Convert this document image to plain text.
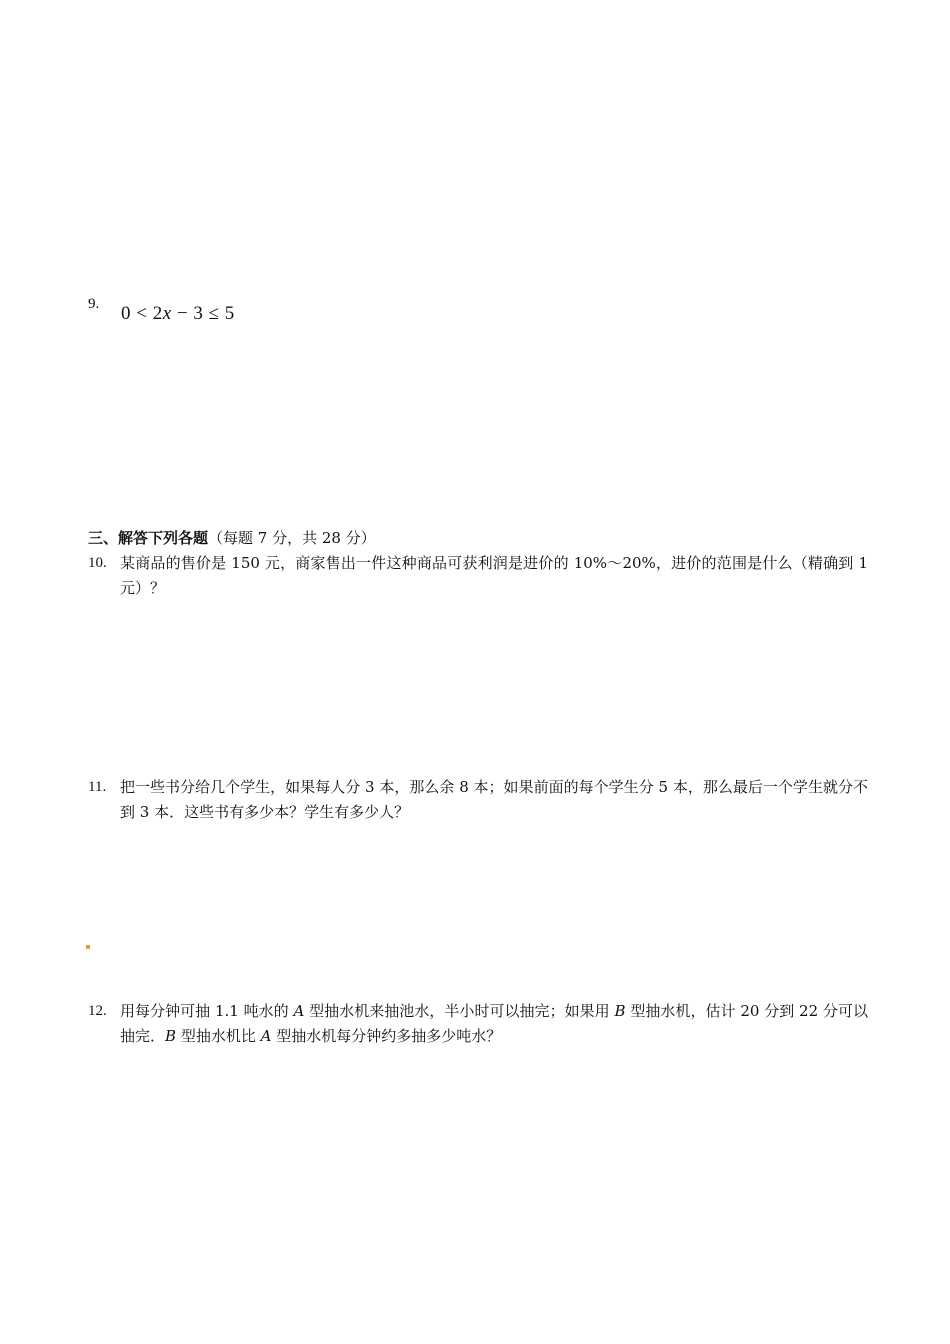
9. 0 < 2x − 3 ≤ 5
三、解答下列各题（每题 7 分，共 28 分）
10. 某商品的售价是 150 元，商家售出一件这种商品可获利润是进价的 10%～20%，进价的范围是什么（精确到 1 元）？
11. 把一些书分给几个学生，如果每人分 3 本，那么余 8 本；如果前面的每个学生分 5 本，那么最后一个学生就分不到 3 本．这些书有多少本？学生有多少人？
12. 用每分钟可抽 1.1 吨水的 A 型抽水机来抽池水，半小时可以抽完；如果用 B 型抽水机，估计 20 分到 22 分可以抽完．B 型抽水机比 A 型抽水机每分钟约多抽多少吨水？
